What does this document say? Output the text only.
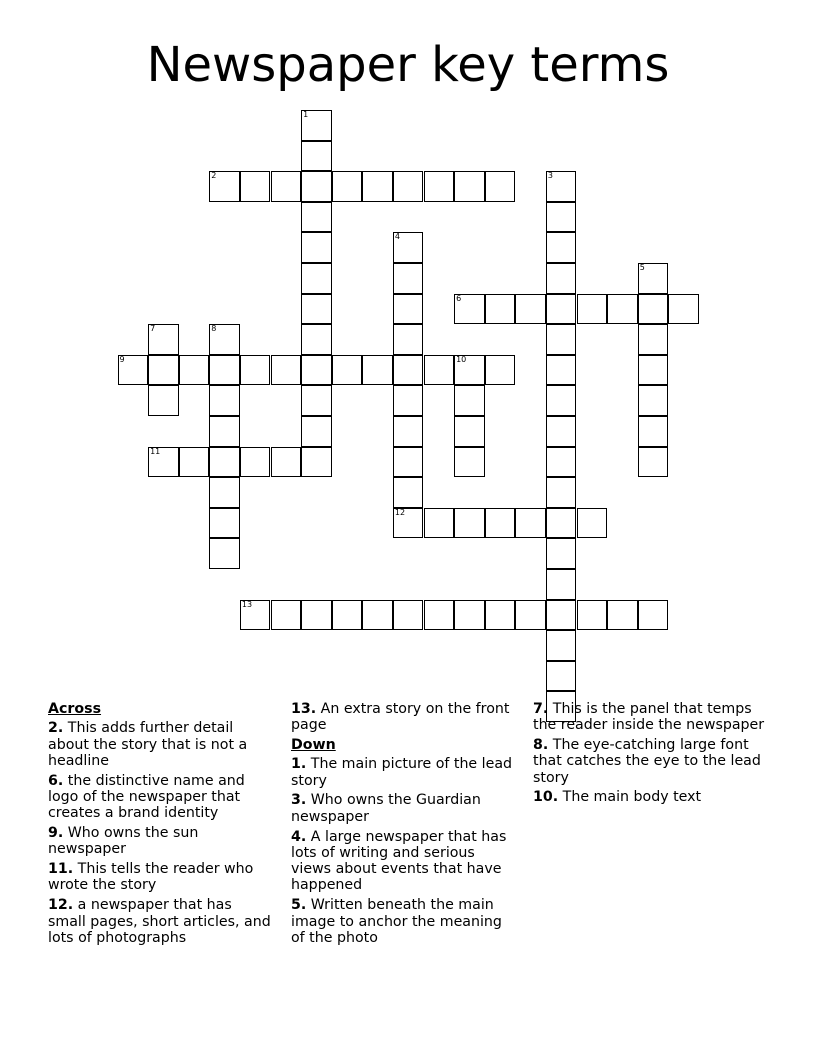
Newspaper key terms
1
2	3
4
12
5
6
7	8
9	10
11
13
Across
2. This adds further detail about the story that is not a headline
6. the distinctive name and logo of the newspaper that creates a brand identity
9. Who owns the sun newspaper
11. This tells the reader who wrote the story
12. a newspaper that has small pages, short articles, and lots of photographs
13. An extra story on the front page
Down
1. The main picture of the lead story
3. Who owns the Guardian newspaper
4. A large newspaper that has lots of writing and serious views about events that have happened
5. Written beneath the main image to anchor the meaning of the photo
7. This is the panel that temps the reader inside the newspaper
8. The eye-catching large font that catches the eye to the lead story
10. The main body text
